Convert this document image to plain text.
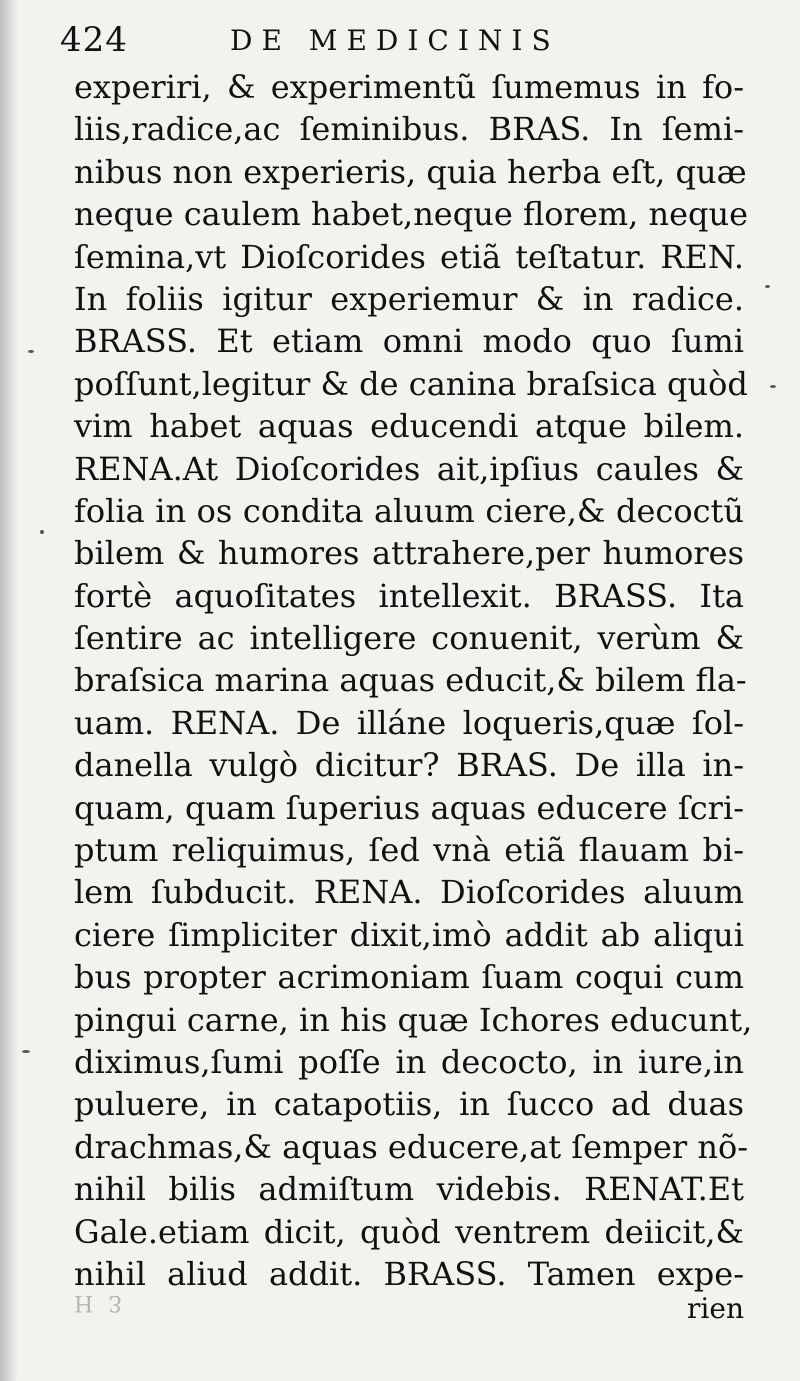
424	DE MEDICINIS
experiri, & experimentũ ſumemus in fo-
liis,radice,ac ſeminibus. BRAS. In ſemi-
nibus non experieris, quia herba eſt, quæ
neque caulem habet,neque florem, neque
ſemina,vt Dioſcorides etiã teſtatur. REN.
In foliis igitur experiemur & in radice.
BRASS. Et etiam omni modo quo ſumi
poſſunt,legitur & de canina braſsica quòd
vim habet aquas educendi atque bilem.
RENA.At Dioſcorides ait,ipſius caules &
folia in os condita aluum ciere,& decoctũ
bilem & humores attrahere,per humores
fortè aquoſitates intellexit. BRASS. Ita
ſentire ac intelligere conuenit, verùm &
braſsica marina aquas educit,& bilem fla-
uam. RENA. De illáne loqueris,quæ ſol-
danella vulgò dicitur? BRAS. De illa in-
quam, quam ſuperius aquas educere ſcri-
ptum reliquimus, ſed vnà etiã flauam bi-
lem ſubducit. RENA. Dioſcorides aluum
ciere ſimpliciter dixit,imò addit ab aliqui
bus propter acrimoniam ſuam coqui cum
pingui carne, in his quæ Ichores educunt,
diximus,ſumi poſſe in decocto, in iure,in
puluere, in catapotiis, in ſucco ad duas
drachmas,& aquas educere,at ſemper nõ-
nihil bilis admiſtum videbis. RENAT.Et
Gale.etiam dicit, quòd ventrem deiicit,&
nihil aliud addit. BRASS. Tamen expe-
H 3	rien
